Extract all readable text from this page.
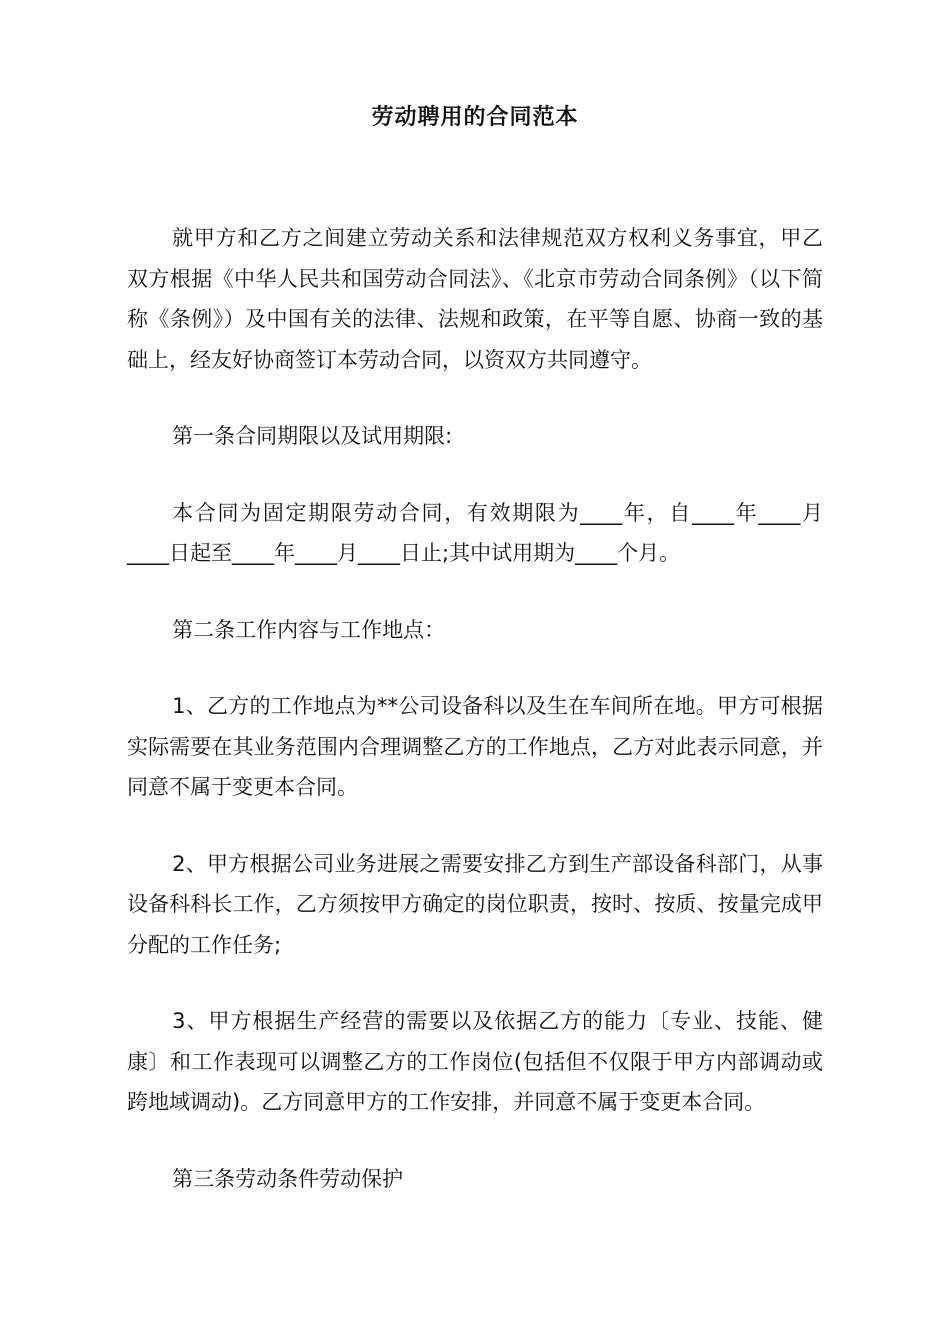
劳动聘用的合同范本

就甲方和乙方之间建立劳动关系和法律规范双方权利义务事宜，甲乙双方根据《中华人民共和国劳动合同法》、《北京市劳动合同条例》（以下简称《条例》）及中国有关的法律、法规和政策，在平等自愿、协商一致的基础上，经友好协商签订本劳动合同，以资双方共同遵守。

第一条合同期限以及试用期限:

本合同为固定期限劳动合同，有效期限为____年，自____年____月____日起至____年____月____日止;其中试用期为____个月。

第二条工作内容与工作地点：

1、乙方的工作地点为**公司设备科以及生在车间所在地。甲方可根据实际需要在其业务范围内合理调整乙方的工作地点，乙方对此表示同意，并同意不属于变更本合同。

2、甲方根据公司业务进展之需要安排乙方到生产部设备科部门，从事设备科科长工作，乙方须按甲方确定的岗位职责，按时、按质、按量完成甲分配的工作任务;

3、甲方根据生产经营的需要以及依据乙方的能力〔专业、技能、健康〕和工作表现可以调整乙方的工作岗位(包括但不仅限于甲方内部调动或跨地域调动)。乙方同意甲方的工作安排，并同意不属于变更本合同。

第三条劳动条件劳动保护
